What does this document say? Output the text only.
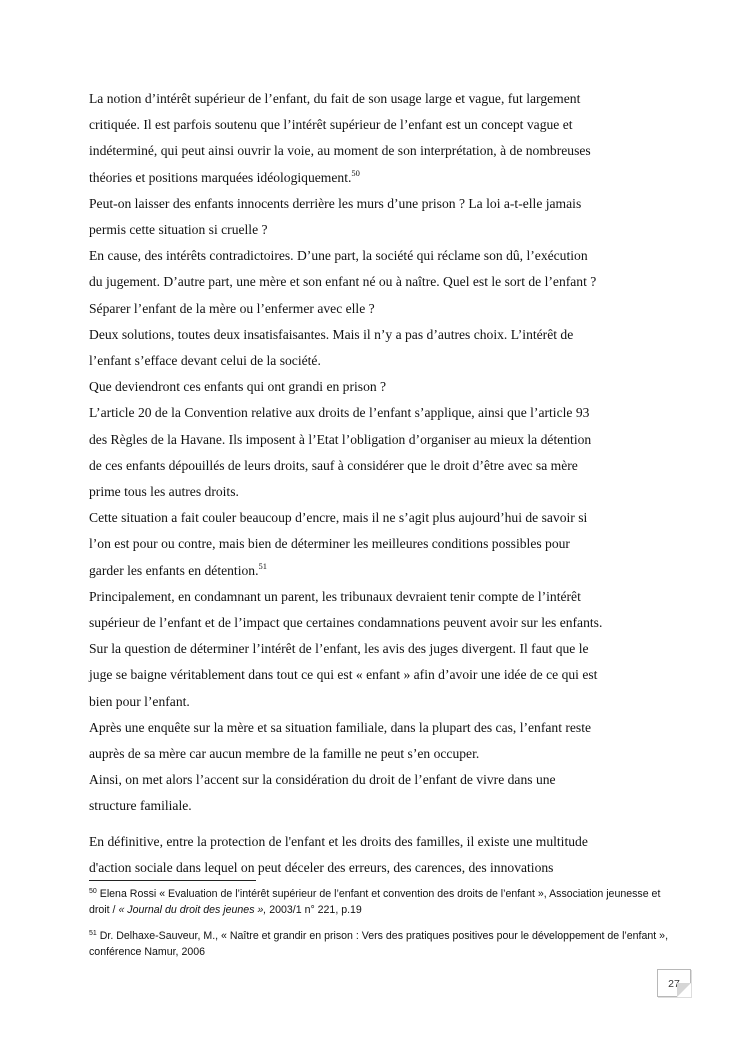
La notion d’intérêt supérieur de l’enfant, du fait de son usage large et vague, fut largement

critiquée. Il est parfois soutenu que l’intérêt supérieur de l’enfant est un concept vague et

indéterminé, qui peut ainsi ouvrir la voie, au moment de son interprétation, à de nombreuses

théories et positions marquées idéologiquement.$^{50}$

Peut-on laisser des enfants innocents derrière les murs d’une prison ? La loi a-t-elle jamais

permis cette situation si cruelle ?

En cause, des intérêts contradictoires. D’une part, la société qui réclame son dû, l’exécution

du jugement. D’autre part, une mère et son enfant né ou à naître. Quel est le sort de l’enfant ?

Séparer l’enfant de la mère ou l’enfermer avec elle ?

Deux solutions, toutes deux insatisfaisantes. Mais il n’y a pas d’autres choix. L’intérêt de

l’enfant s’efface devant celui de la société.

Que deviendront ces enfants qui ont grandi en prison ?

L’article 20 de la Convention relative aux droits de l’enfant s’applique, ainsi que l’article 93

des Règles de la Havane. Ils imposent à l’Etat l’obligation d’organiser au mieux la détention

de ces enfants dépouillés de leurs droits, sauf à considérer que le droit d’être avec sa mère

prime tous les autres droits.

Cette situation a fait couler beaucoup d’encre, mais il ne s’agit plus aujourd’hui de savoir si

l’on est pour ou contre, mais bien de déterminer les meilleures conditions possibles pour

garder les enfants en détention.$^{51}$

Principalement, en condamnant un parent, les tribunaux devraient tenir compte de l’intérêt

supérieur de l’enfant et de l’impact que certaines condamnations peuvent avoir sur les enfants.

Sur la question de déterminer l’intérêt de l’enfant, les avis des juges divergent. Il faut que le

juge se baigne véritablement dans tout ce qui est « enfant » afin d’avoir une idée de ce qui est

bien pour l’enfant.

Après une enquête sur la mère et sa situation familiale, dans la plupart des cas, l’enfant reste

auprès de sa mère car aucun membre de la famille ne peut s’en occuper.

Ainsi, on met alors l’accent sur la considération du droit de l’enfant de vivre dans une

structure familiale.

En définitive, entre la protection de l'enfant et les droits des familles, il existe une multitude

d'action sociale dans lequel on peut déceler des erreurs, des carences, des innovations

$^{50}$ Elena Rossi « Evaluation de l’intérêt supérieur de l’enfant et convention des droits de l’enfant », Association jeunesse et droit / « Journal du droit des jeunes », 2003/1 n° 221, p.19

$^{51}$ Dr. Delhaxe-Sauveur, M., « Naître et grandir en prison : Vers des pratiques positives pour le développement de l’enfant », conférence Namur, 2006

27
